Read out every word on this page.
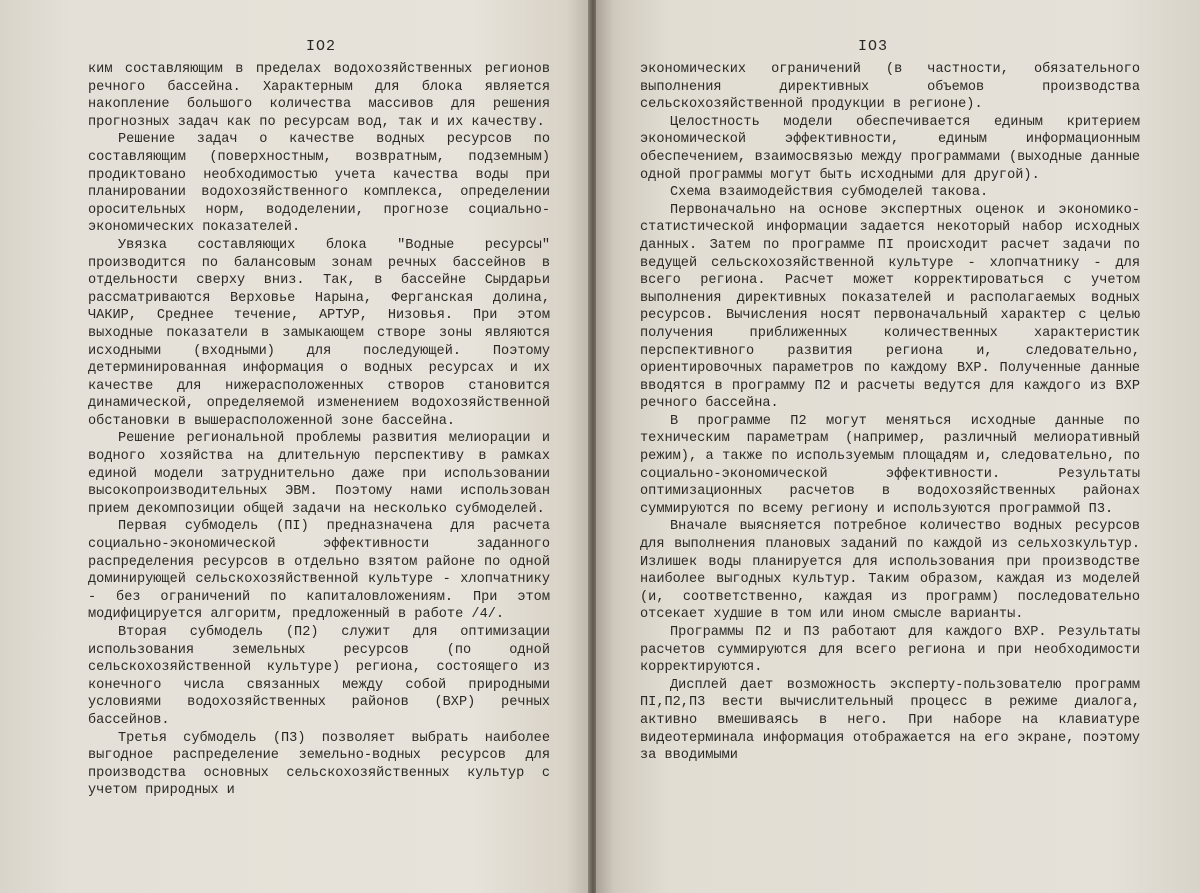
IO2

ким составляющим в пределах водохозяйственных регионов речного бассейна. Характерным для блока является накопление большого количества массивов для решения прогнозных задач как по ресурсам вод, так и их качеству.

Решение задач о качестве водных ресурсов по составляющим (поверхностным, возвратным, подземным) продиктовано необходимостью учета качества воды при планировании водохозяйственного комплекса, определении оросительных норм, вододелении, прогнозе социально-экономических показателей.

Увязка составляющих блока "Водные ресурсы" производится по балансовым зонам речных бассейнов в отдельности сверху вниз. Так, в бассейне Сырдарьи рассматриваются Верховье Нарына, Ферганская долина, ЧАКИР, Среднее течение, АРТУР, Низовья. При этом выходные показатели в замыкающем створе зоны являются исходными (входными) для последующей. Поэтому детерминированная информация о водных ресурсах и их качестве для нижерасположенных створов становится динамической, определяемой изменением водохозяйственной обстановки в вышерасположенной зоне бассейна.

Решение региональной проблемы развития мелиорации и водного хозяйства на длительную перспективу в рамках единой модели затруднительно даже при использовании высокопроизводительных ЭВМ. Поэтому нами использован прием декомпозиции общей задачи на несколько субмоделей.

Первая субмодель (ПI) предназначена для расчета социально-экономической эффективности заданного распределения ресурсов в отдельно взятом районе по одной доминирующей сельскохозяйственной культуре - хлопчатнику - без ограничений по капиталовложениям. При этом модифицируется алгоритм, предложенный в работе /4/.

Вторая субмодель (П2) служит для оптимизации использования земельных ресурсов (по одной сельскохозяйственной культуре) региона, состоящего из конечного числа связанных между собой природными условиями водохозяйственных районов (ВХР) речных бассейнов.

Третья субмодель (П3) позволяет выбрать наиболее выгодное распределение земельно-водных ресурсов для производства основных сельскохозяйственных культур с учетом природных и

IO3

экономических ограничений (в частности, обязательного выполнения директивных объемов производства сельскохозяйственной продукции в регионе).

Целостность модели обеспечивается единым критерием экономической эффективности, единым информационным обеспечением, взаимосвязью между программами (выходные данные одной программы могут быть исходными для другой).

Схема взаимодействия субмоделей такова.

Первоначально на основе экспертных оценок и экономико-статистической информации задается некоторый набор исходных данных. Затем по программе ПI происходит расчет задачи по ведущей сельскохозяйственной культуре - хлопчатнику - для всего региона. Расчет может корректироваться с учетом выполнения директивных показателей и располагаемых водных ресурсов. Вычисления носят первоначальный характер с целью получения приближенных количественных характеристик перспективного развития региона и, следовательно, ориентировочных параметров по каждому ВХР. Полученные данные вводятся в программу П2 и расчеты ведутся для каждого из ВХР речного бассейна.

В программе П2 могут меняться исходные данные по техническим параметрам (например, различный мелиоративный режим), а также по используемым площадям и, следовательно, по социально-экономической эффективности. Результаты оптимизационных расчетов в водохозяйственных районах суммируются по всему региону и используются программой П3.

Вначале выясняется потребное количество водных ресурсов для выполнения плановых заданий по каждой из сельхозкультур. Излишек воды планируется для использования при производстве наиболее выгодных культур. Таким образом, каждая из моделей (и, соответственно, каждая из программ) последовательно отсекает худшие в том или ином смысле варианты.

Программы П2 и П3 работают для каждого ВХР. Результаты расчетов суммируются для всего региона и при необходимости корректируются.

Дисплей дает возможность эксперту-пользователю программ ПI,П2,П3 вести вычислительный процесс в режиме диалога, активно вмешиваясь в него. При наборе на клавиатуре видеотерминала информация отображается на его экране, поэтому за вводимыми
